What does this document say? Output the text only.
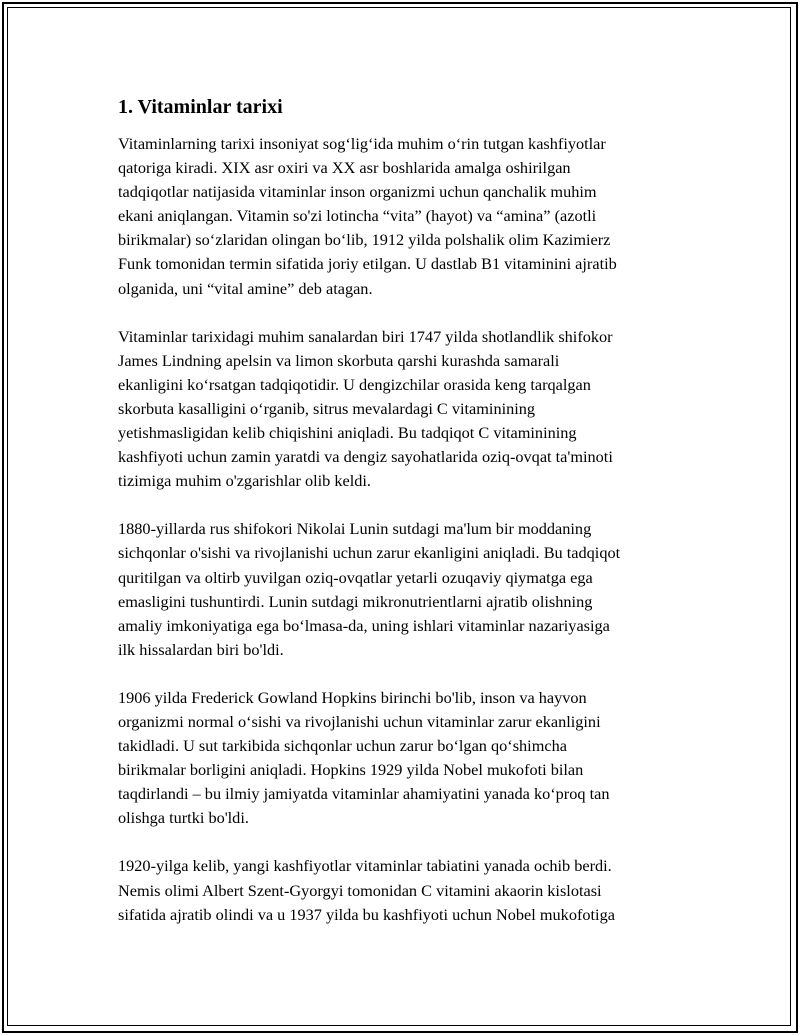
1. Vitaminlar tarixi
Vitaminlarning tarixi insoniyat sog‘lig‘ida muhim o‘rin tutgan kashfiyotlar
qatoriga kiradi. XIX asr oxiri va XX asr boshlarida amalga oshirilgan
tadqiqotlar natijasida vitaminlar inson organizmi uchun qanchalik muhim
ekani aniqlangan. Vitamin so'zi lotincha “vita” (hayot) va “amina” (azotli
birikmalar) so‘zlaridan olingan bo‘lib, 1912 yilda polshalik olim Kazimierz
Funk tomonidan termin sifatida joriy etilgan. U dastlab B1 vitaminini ajratib
olganida, uni “vital amine” deb atagan.
Vitaminlar tarixidagi muhim sanalardan biri 1747 yilda shotlandlik shifokor
James Lindning apelsin va limon skorbuta qarshi kurashda samarali
ekanligini ko‘rsatgan tadqiqotidir. U dengizchilar orasida keng tarqalgan
skorbuta kasalligini o‘rganib, sitrus mevalardagi C vitaminining
yetishmasligidan kelib chiqishini aniqladi. Bu tadqiqot C vitaminining
kashfiyoti uchun zamin yaratdi va dengiz sayohatlarida oziq-ovqat ta'minoti
tizimiga muhim o'zgarishlar olib keldi.
1880-yillarda rus shifokori Nikolai Lunin sutdagi ma'lum bir moddaning
sichqonlar o'sishi va rivojlanishi uchun zarur ekanligini aniqladi. Bu tadqiqot
quritilgan va oltirb yuvilgan oziq-ovqatlar yetarli ozuqaviy qiymatga ega
emasligini tushuntirdi. Lunin sutdagi mikronutrientlarni ajratib olishning
amaliy imkoniyatiga ega bo‘lmasa-da, uning ishlari vitaminlar nazariyasiga
ilk hissalardan biri bo'ldi.
1906 yilda Frederick Gowland Hopkins birinchi bo'lib, inson va hayvon
organizmi normal o‘sishi va rivojlanishi uchun vitaminlar zarur ekanligini
takidladi. U sut tarkibida sichqonlar uchun zarur bo‘lgan qo‘shimcha
birikmalar borligini aniqladi. Hopkins 1929 yilda Nobel mukofoti bilan
taqdirlandi – bu ilmiy jamiyatda vitaminlar ahamiyatini yanada ko‘proq tan
olishga turtki bo'ldi.
1920-yilga kelib, yangi kashfiyotlar vitaminlar tabiatini yanada ochib berdi.
Nemis olimi Albert Szent-Gyorgyi tomonidan C vitamini akaorin kislotasi
sifatida ajratib olindi va u 1937 yilda bu kashfiyoti uchun Nobel mukofotiga
